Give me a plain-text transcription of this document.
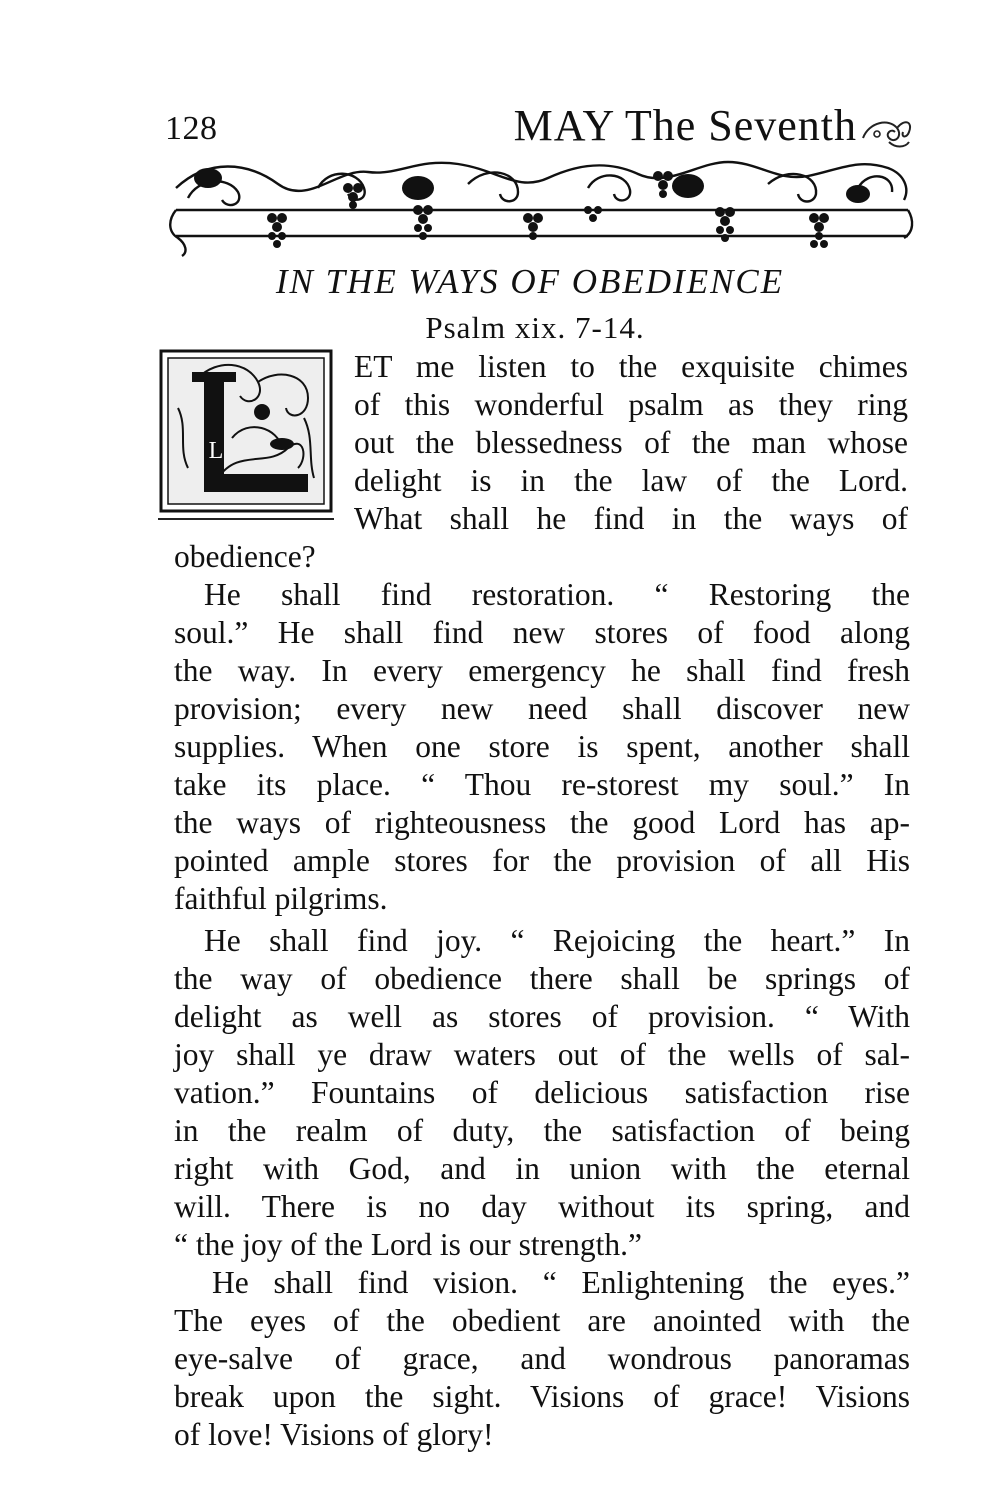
128	MAY The Seventh
IN THE WAYS OF OBEDIENCE
Psalm xix. 7-14.
L
ET me listen to the exquisite chimes
of this wonderful psalm as they ring
out the blessedness of the man whose
delight is in the law of the Lord.
What shall he find in the ways of
obedience?
He shall find restoration. “ Restoring the
soul.” He shall find new stores of food along
the way. In every emergency he shall find fresh
provision; every new need shall discover new
supplies. When one store is spent, another shall
take its place. “ Thou re-storest my soul.” In
the ways of righteousness the good Lord has ap-
pointed ample stores for the provision of all His
faithful pilgrims.
He shall find joy. “ Rejoicing the heart.” In
the way of obedience there shall be springs of
delight as well as stores of provision. “ With
joy shall ye draw waters out of the wells of sal-
vation.” Fountains of delicious satisfaction rise
in the realm of duty, the satisfaction of being
right with God, and in union with the eternal
will. There is no day without its spring, and
“ the joy of the Lord is our strength.”
He shall find vision. “ Enlightening the eyes.”
The eyes of the obedient are anointed with the
eye-salve of grace, and wondrous panoramas
break upon the sight. Visions of grace! Visions
of love! Visions of glory!
